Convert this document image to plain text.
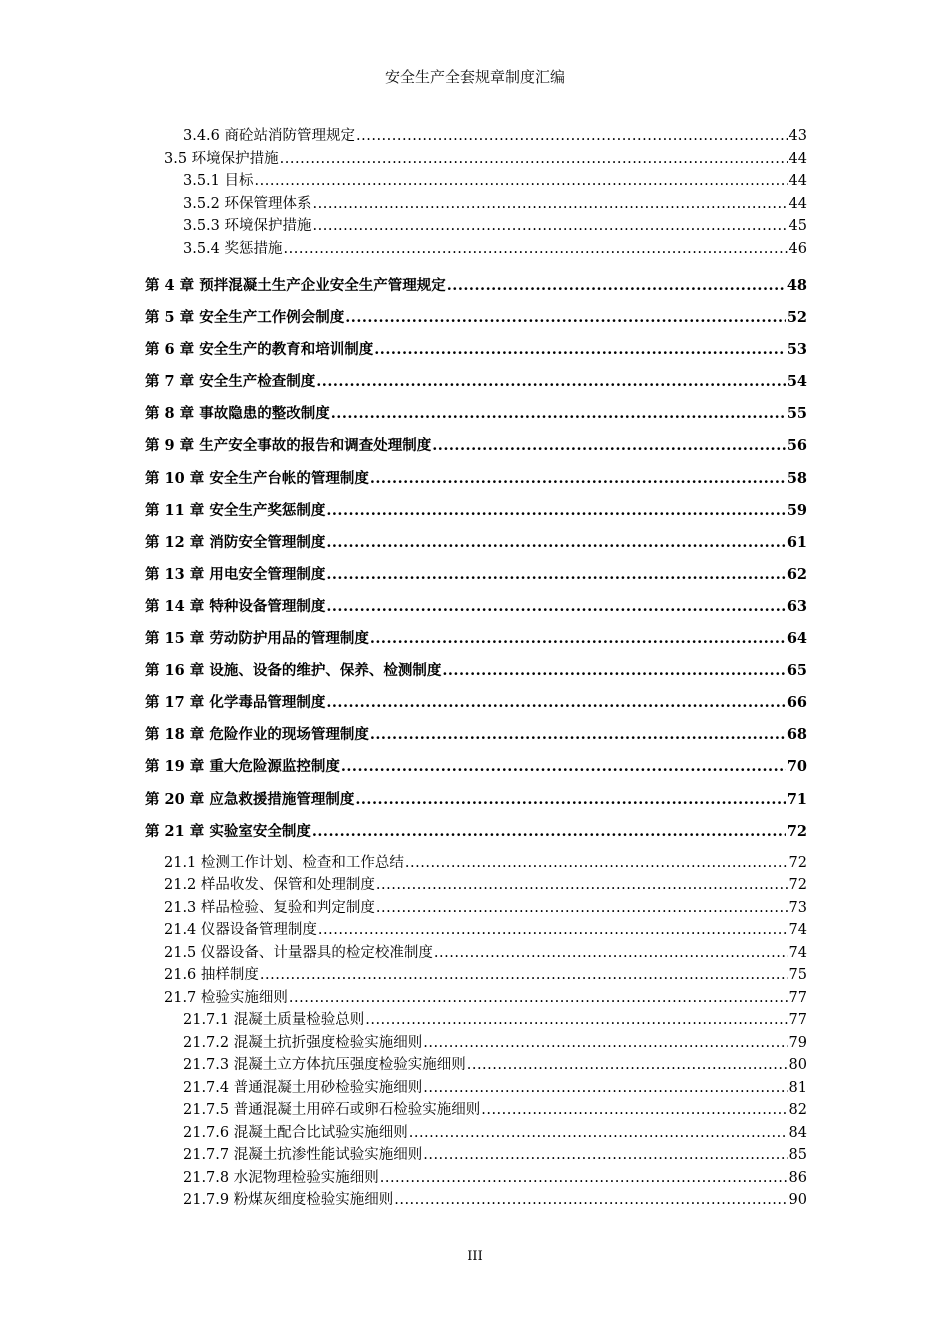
安全生产全套规章制度汇编
3.4.6 商砼站消防管理规定 .....	43
3.5 环境保护措施 .....	44
3.5.1 目标 .....	44
3.5.2 环保管理体系 .....	44
3.5.3 环境保护措施 .....	45
3.5.4 奖惩措施 .....	46
第 4 章 预拌混凝土生产企业安全生产管理规定 .....	48
第 5 章 安全生产工作例会制度 .....	52
第 6 章 安全生产的教育和培训制度 .....	53
第 7 章 安全生产检查制度 .....	54
第 8 章 事故隐患的整改制度 .....	55
第 9 章 生产安全事故的报告和调查处理制度 .....	56
第 10 章 安全生产台帐的管理制度 .....	58
第 11 章 安全生产奖惩制度 .....	59
第 12 章 消防安全管理制度 .....	61
第 13 章 用电安全管理制度 .....	62
第 14 章 特种设备管理制度 .....	63
第 15 章 劳动防护用品的管理制度 .....	64
第 16 章 设施、设备的维护、保养、检测制度 .....	65
第 17 章 化学毒品管理制度 .....	66
第 18 章 危险作业的现场管理制度 .....	68
第 19 章 重大危险源监控制度 .....	70
第 20 章 应急救援措施管理制度 .....	71
第 21 章 实验室安全制度 .....	72
21.1 检测工作计划、检查和工作总结 .....	72
21.2 样品收发、保管和处理制度 .....	72
21.3 样品检验、复验和判定制度 .....	73
21.4 仪器设备管理制度 .....	74
21.5 仪器设备、计量器具的检定校准制度 .....	74
21.6 抽样制度 .....	75
21.7 检验实施细则 .....	77
21.7.1 混凝土质量检验总则 .....	77
21.7.2 混凝土抗折强度检验实施细则 .....	79
21.7.3 混凝土立方体抗压强度检验实施细则 .....	80
21.7.4 普通混凝土用砂检验实施细则 .....	81
21.7.5 普通混凝土用碎石或卵石检验实施细则 .....	82
21.7.6 混凝土配合比试验实施细则 .....	84
21.7.7 混凝土抗渗性能试验实施细则 .....	85
21.7.8 水泥物理检验实施细则 .....	86
21.7.9 粉煤灰细度检验实施细则 .....	90
III
